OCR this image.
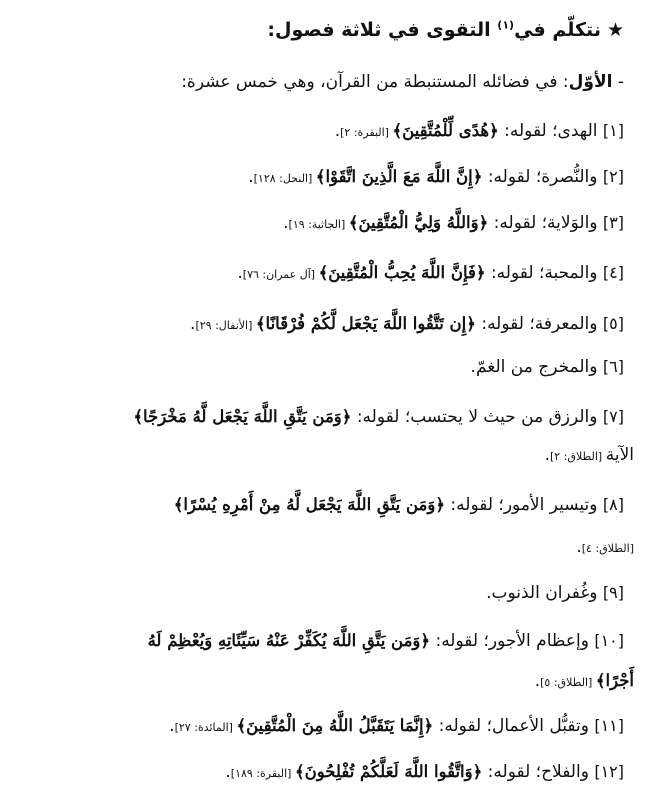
★نتكلّم في$^{(١)}$ التقوى في ثلاثة فصول:
- الأوّل: في فضائله المستنبطة من القرآن، وهي خمس عشرة:
[١] الهدى؛ لقوله: ﴿هُدًى لِّلْمُتَّقِينَ﴾ [البقرة: ٢].
[٢] والنُّصرة؛ لقوله: ﴿إِنَّ اللَّهَ مَعَ الَّذِينَ اتَّقَوْا﴾ [النحل: ١٢٨].
[٣] والوَلاية؛ لقوله: ﴿وَاللَّهُ وَلِيُّ الْمُتَّقِينَ﴾ [الجاثية: ١٩].
[٤] والمحبة؛ لقوله: ﴿فَإِنَّ اللَّهَ يُحِبُّ الْمُتَّقِينَ﴾ [آل عمران: ٧٦].
[٥] والمعرفة؛ لقوله: ﴿إِن تَتَّقُوا اللَّهَ يَجْعَل لَّكُمْ فُرْقَانًا﴾ [الأنفال: ٢٩].
[٦] والمخرج من الغمّ.
[٧] والرزق من حيث لا يحتسب؛ لقوله: ﴿وَمَن يَتَّقِ اللَّهَ يَجْعَل لَّهُ مَخْرَجًا﴾
الآية [الطلاق: ٢].
[٨] وتيسير الأمور؛ لقوله: ﴿وَمَن يَتَّقِ اللَّهَ يَجْعَل لَّهُ مِنْ أَمْرِهِ يُسْرًا﴾
[الطلاق: ٤].
[٩] وغُفران الذنوب.
[١٠] وإعظام الأجور؛ لقوله: ﴿وَمَن يَتَّقِ اللَّهَ يُكَفِّرْ عَنْهُ سَيِّئَاتِهِ وَيُعْظِمْ لَهُ
أَجْرًا﴾ [الطلاق: ٥].
[١١] وتقبُّل الأعمال؛ لقوله: ﴿إِنَّمَا يَتَقَبَّلُ اللَّهُ مِنَ الْمُتَّقِينَ﴾ [المائدة: ٢٧].
[١٢] والفلاح؛ لقوله: ﴿وَاتَّقُوا اللَّهَ لَعَلَّكُمْ تُفْلِحُونَ﴾ [البقرة: ١٨٩].
